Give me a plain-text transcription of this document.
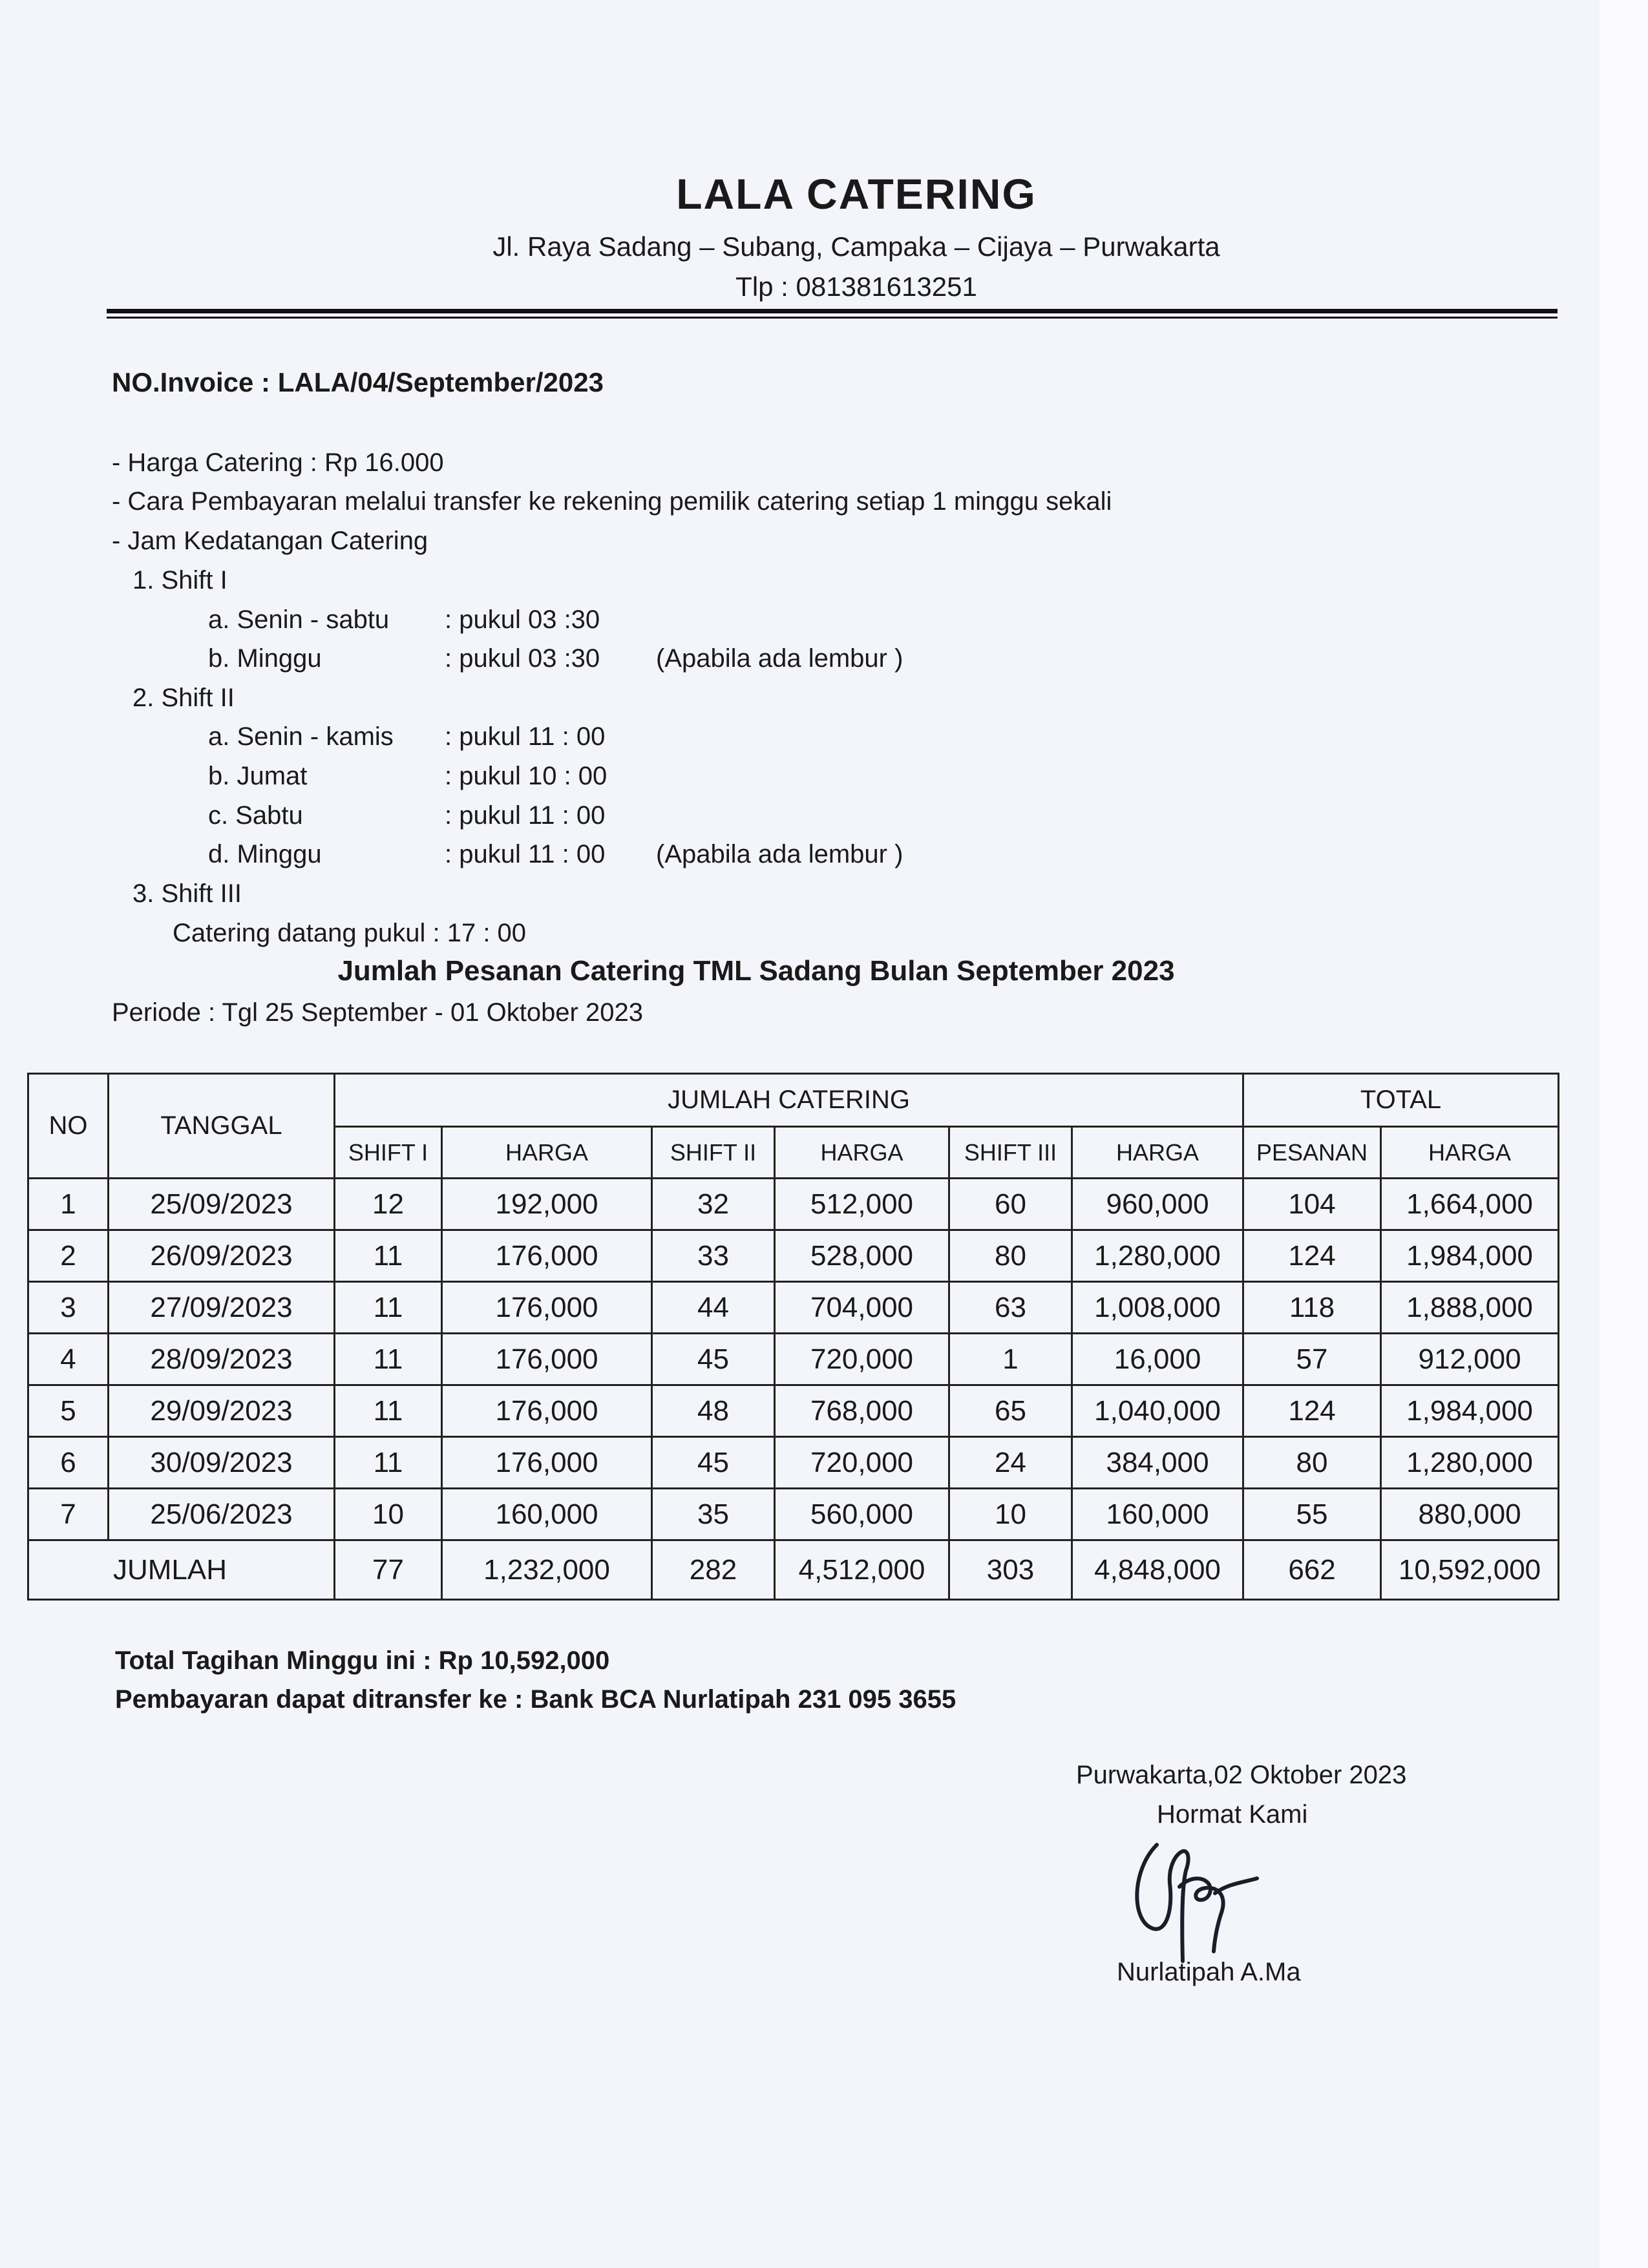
LALA CATERING
Jl. Raya Sadang – Subang, Campaka – Cijaya – Purwakarta
Tlp : 081381613251
NO.Invoice : LALA/04/September/2023
- Harga Catering : Rp 16.000
- Cara Pembayaran melalui transfer ke rekening pemilik catering setiap 1 minggu sekali
- Jam Kedatangan Catering
1. Shift I
a. Senin - sabtu : pukul 03 :30
b. Minggu	: pukul 03 :30 (Apabila ada lembur )
2. Shift II
a. Senin - kamis : pukul 11 : 00
b. Jumat	: pukul 10 : 00
c. Sabtu	: pukul 11 : 00
d. Minggu	: pukul 11 : 00 (Apabila ada lembur )
3. Shift III
Catering datang pukul : 17 : 00
Jumlah Pesanan Catering TML Sadang Bulan September 2023
Periode : Tgl 25 September - 01 Oktober 2023
NO	TANGGAL	JUMLAH CATERING						TOTAL	
		SHIFT I	HARGA	SHIFT II	HARGA	SHIFT III	HARGA	PESANAN	HARGA
1	25/09/2023	12	192,000	32	512,000	60	960,000	104	1,664,000
2	26/09/2023	11	176,000	33	528,000	80	1,280,000	124	1,984,000
3	27/09/2023	11	176,000	44	704,000	63	1,008,000	118	1,888,000
4	28/09/2023	11	176,000	45	720,000	1	16,000	57	912,000
5	29/09/2023	11	176,000	48	768,000	65	1,040,000	124	1,984,000
6	30/09/2023	11	176,000	45	720,000	24	384,000	80	1,280,000
7	25/06/2023	10	160,000	35	560,000	10	160,000	55	880,000
JUMLAH		77	1,232,000	282	4,512,000	303	4,848,000	662	10,592,000
Total Tagihan Minggu ini : Rp 10,592,000
Pembayaran dapat ditransfer ke : Bank BCA Nurlatipah 231 095 3655
Purwakarta,02 Oktober 2023
Hormat Kami
Nurlatipah A.Ma
